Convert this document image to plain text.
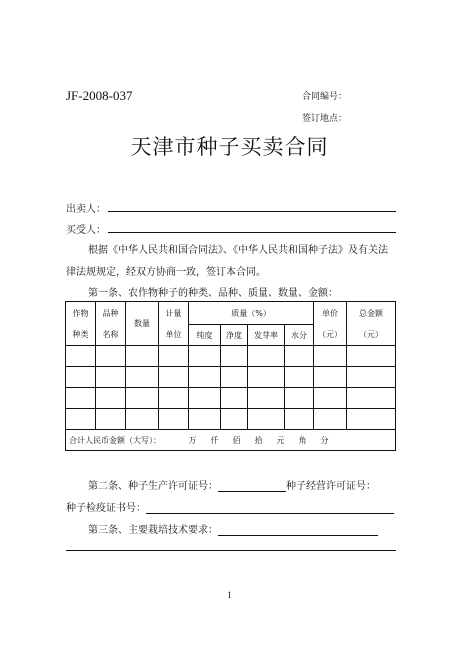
JF-2008-037	合同编号：
签订地点：
天津市种子买卖合同
出卖人：
买受人：
根据《中华人民共和国合同法》、《中华人民共和国种子法》及有关法律法规规定，经双方协商一致，签订本合同。
第一条、农作物种子的种类、品种、质量、数量、金额：
作物	品种	数量	计量	质量（%）				单价	总金额
种类	名称		单位	纯度	净度	发芽率	水分	（元）	（元）

合计人民币金额（大写）： 万 仟 佰 拾 元 角 分									
第二条、种子生产许可证号：	种子经营许可证号：
种子检疫证书号：
第三条、主要栽培技术要求：
1
